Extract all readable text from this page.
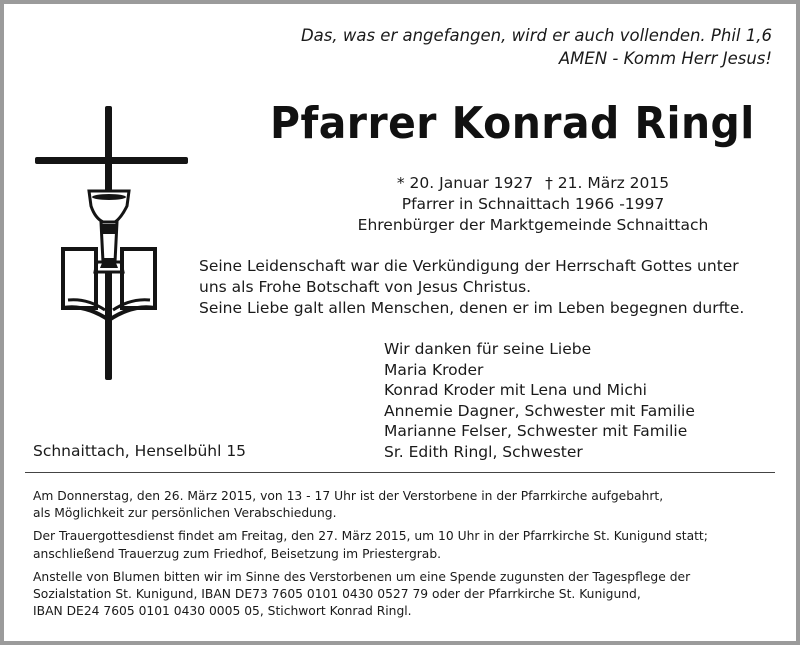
Das, was er angefangen, wird er auch vollenden. Phil 1,6
AMEN - Komm Herr Jesus!
Pfarrer Konrad Ringl
* 20. Januar 1927 † 21. März 2015
Pfarrer in Schnaittach 1966 -1997
Ehrenbürger der Marktgemeinde Schnaittach
Seine Leidenschaft war die Verkündigung der Herrschaft Gottes unter
uns als Frohe Botschaft von Jesus Christus.
Seine Liebe galt allen Menschen, denen er im Leben begegnen durfte.
Wir danken für seine Liebe
Maria Kroder
Konrad Kroder mit Lena und Michi
Annemie Dagner, Schwester mit Familie
Marianne Felser, Schwester mit Familie
Sr. Edith Ringl, Schwester
Schnaittach, Henselbühl 15

Am Donnerstag, den 26. März 2015, von 13 - 17 Uhr ist der Verstorbene in der Pfarrkirche aufgebahrt,
als Möglichkeit zur persönlichen Verabschiedung.

Der Trauergottesdienst findet am Freitag, den 27. März 2015, um 10 Uhr in der Pfarrkirche St. Kunigund statt;
anschließend Trauerzug zum Friedhof, Beisetzung im Priestergrab.

Anstelle von Blumen bitten wir im Sinne des Verstorbenen um eine Spende zugunsten der Tagespflege der
Sozialstation St. Kunigund, IBAN DE73 7605 0101 0430 0527 79 oder der Pfarrkirche St. Kunigund,
IBAN DE24 7605 0101 0430 0005 05, Stichwort Konrad Ringl.
